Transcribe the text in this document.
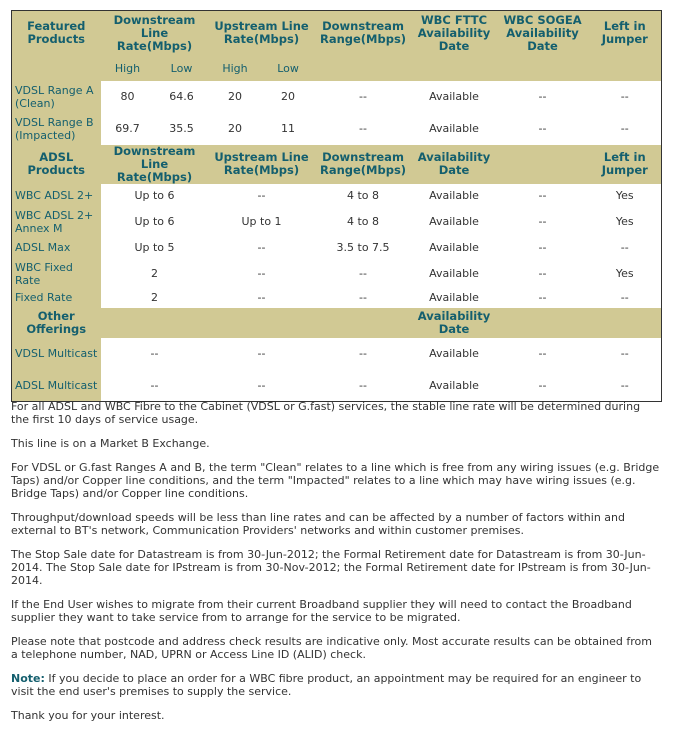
Featured Products	Downstream Line Rate(Mbps)		Upstream Line Rate(Mbps)		Downstream Range(Mbps)	WBC FTTC Availability Date	WBC SOGEA Availability Date	Left in Jumper
	High	Low	High	Low				
VDSL Range A (Clean)	80	64.6	20	20	--	Available	--	--
VDSL Range B (Impacted)	69.7	35.5	20	11	--	Available	--	--
ADSL Products	Downstream Line Rate(Mbps)		Upstream Line Rate(Mbps)		Downstream Range(Mbps)	Availability Date		Left in Jumper
WBC ADSL 2+	Up to 6		--		4 to 8	Available	--	Yes
WBC ADSL 2+ Annex M	Up to 6		Up to 1		4 to 8	Available	--	Yes
ADSL Max	Up to 5		--		3.5 to 7.5	Available	--	--
WBC Fixed Rate	2		--		--	Available	--	Yes
Fixed Rate	2		--		--	Available	--	--
Other Offerings						Availability Date		
VDSL Multicast	--		--		--	Available	--	--
ADSL Multicast	--		--		--	Available	--	--

For all ADSL and WBC Fibre to the Cabinet (VDSL or G.fast) services, the stable line rate will be determined during the first 10 days of service usage.

This line is on a Market B Exchange.

For VDSL or G.fast Ranges A and B, the term "Clean" relates to a line which is free from any wiring issues (e.g. Bridge Taps) and/or Copper line conditions, and the term "Impacted" relates to a line which may have wiring issues (e.g. Bridge Taps) and/or Copper line conditions.

Throughput/download speeds will be less than line rates and can be affected by a number of factors within and external to BT's network, Communication Providers' networks and within customer premises.

The Stop Sale date for Datastream is from 30-Jun-2012; the Formal Retirement date for Datastream is from 30-Jun-2014. The Stop Sale date for IPstream is from 30-Nov-2012; the Formal Retirement date for IPstream is from 30-Jun-2014.

If the End User wishes to migrate from their current Broadband supplier they will need to contact the Broadband supplier they want to take service from to arrange for the service to be migrated.

Please note that postcode and address check results are indicative only. Most accurate results can be obtained from a telephone number, NAD, UPRN or Access Line ID (ALID) check.

Note: If you decide to place an order for a WBC fibre product, an appointment may be required for an engineer to visit the end user's premises to supply the service.

Thank you for your interest.
